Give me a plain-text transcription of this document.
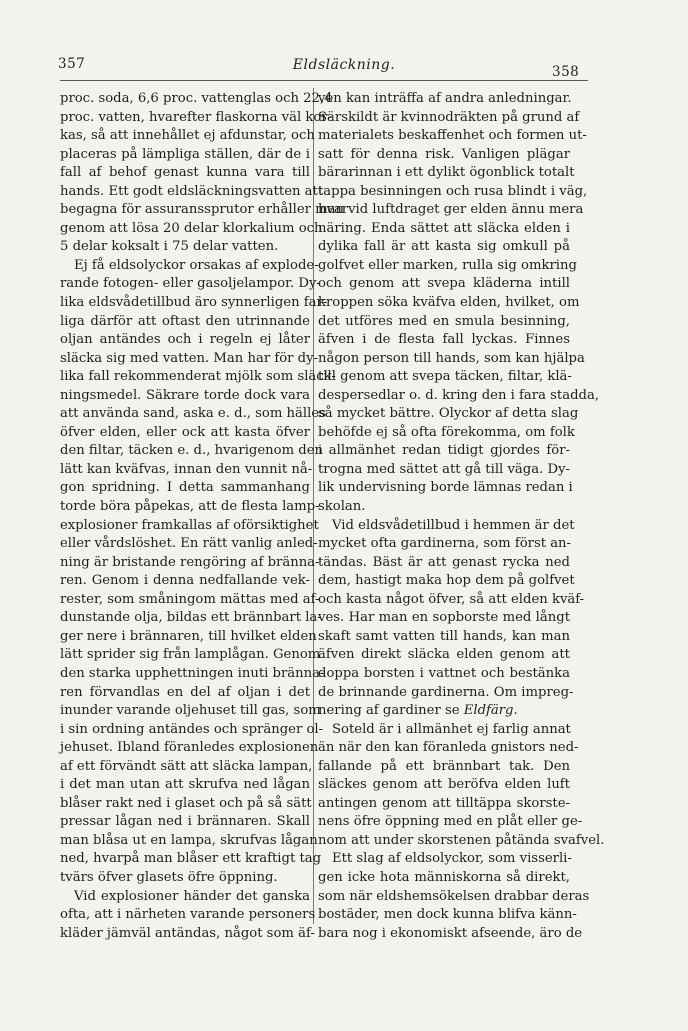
357	Eldsläckning.	358
proc. soda, 6,6 proc. vattenglas och 22,4
proc. vatten, hvarefter flaskorna väl kor-
kas, så att innehållet ej afdunstar, och
placeras på lämpliga ställen, där de i
fall af behof genast kunna vara till
hands. Ett godt eldsläckningsvatten att
begagna för assuranssprutor erhåller man
genom att lösa 20 delar klorkalium och
5 delar koksalt i 75 delar vatten.
Ej få eldsolyckor orsakas af explode-
rande fotogen- eller gasoljelampor. Dy-
lika eldsvådetillbud äro synnerligen far-
liga därför att oftast den utrinnande
oljan antändes och i regeln ej låter
släcka sig med vatten. Man har för dy-
lika fall rekommenderat mjölk som släck-
ningsmedel. Säkrare torde dock vara
att använda sand, aska e. d., som hälles
öfver elden, eller ock att kasta öfver
den filtar, täcken e. d., hvarigenom den
lätt kan kväfvas, innan den vunnit nå-
gon spridning. I detta sammanhang
torde böra påpekas, att de flesta lamp-
explosioner framkallas af oförsiktighet
eller vårdslöshet. En rätt vanlig anled-
ning är bristande rengöring af bränna-
ren. Genom i denna nedfallande vek-
rester, som småningom mättas med af-
dunstande olja, bildas ett brännbart la-
ger nere i brännaren, till hvilket elden
lätt sprider sig från lamplågan. Genom
den starka upphettningen inuti bränna-
ren förvandlas en del af oljan i det
inunder varande oljehuset till gas, som
i sin ordning antändes och spränger ol-
jehuset. Ibland föranledes explosionen
af ett förvändt sätt att släcka lampan,
i det man utan att skrufva ned lågan
blåser rakt ned i glaset och på så sätt
pressar lågan ned i brännaren. Skall
man blåsa ut en lampa, skrufvas lågan
ned, hvarpå man blåser ett kraftigt tag
tvärs öfver glasets öfre öppning.
Vid explosioner händer det ganska
ofta, att i närheten varande personers
kläder jämväl antändas, något som äf-
ven kan inträffa af andra anledningar.
Särskildt är kvinnodräkten på grund af
materialets beskaffenhet och formen ut-
satt för denna risk. Vanligen plägar
bärarinnan i ett dylikt ögonblick totalt
tappa besinningen och rusa blindt i väg,
hvarvid luftdraget ger elden ännu mera
näring. Enda sättet att släcka elden i
dylika fall är att kasta sig omkull på
golfvet eller marken, rulla sig omkring
och genom att svepa kläderna intill
kroppen söka kväfva elden, hvilket, om
det utföres med en smula besinning,
äfven i de flesta fall lyckas. Finnes
någon person till hands, som kan hjälpa
till genom att svepa täcken, filtar, klä-
despersedlar o. d. kring den i fara stadda,
så mycket bättre. Olyckor af detta slag
behöfde ej så ofta förekomma, om folk
i allmänhet redan tidigt gjordes för-
trogna med sättet att gå till väga. Dy-
lik undervisning borde lämnas redan i
skolan.
Vid eldsvådetillbud i hemmen är det
mycket ofta gardinerna, som först an-
tändas. Bäst är att genast rycka ned
dem, hastigt maka hop dem på golfvet
och kasta något öfver, så att elden kväf-
ves. Har man en sopborste med långt
skaft samt vatten till hands, kan man
äfven direkt släcka elden genom att
doppa borsten i vattnet och bestänka
de brinnande gardinerna. Om impreg-
nering af gardiner se Eldfärg.
Soteld är i allmänhet ej farlig annat
än när den kan föranleda gnistors ned-
fallande på ett brännbart tak. Den
släckes genom att beröfva elden luft
antingen genom att tilltäppa skorste-
nens öfre öppning med en plåt eller ge-
nom att under skorstenen påtända svafvel.
Ett slag af eldsolyckor, som visserli-
gen icke hota människorna så direkt,
som när eldshemsökelsen drabbar deras
bostäder, men dock kunna blifva känn-
bara nog i ekonomiskt afseende, äro de
